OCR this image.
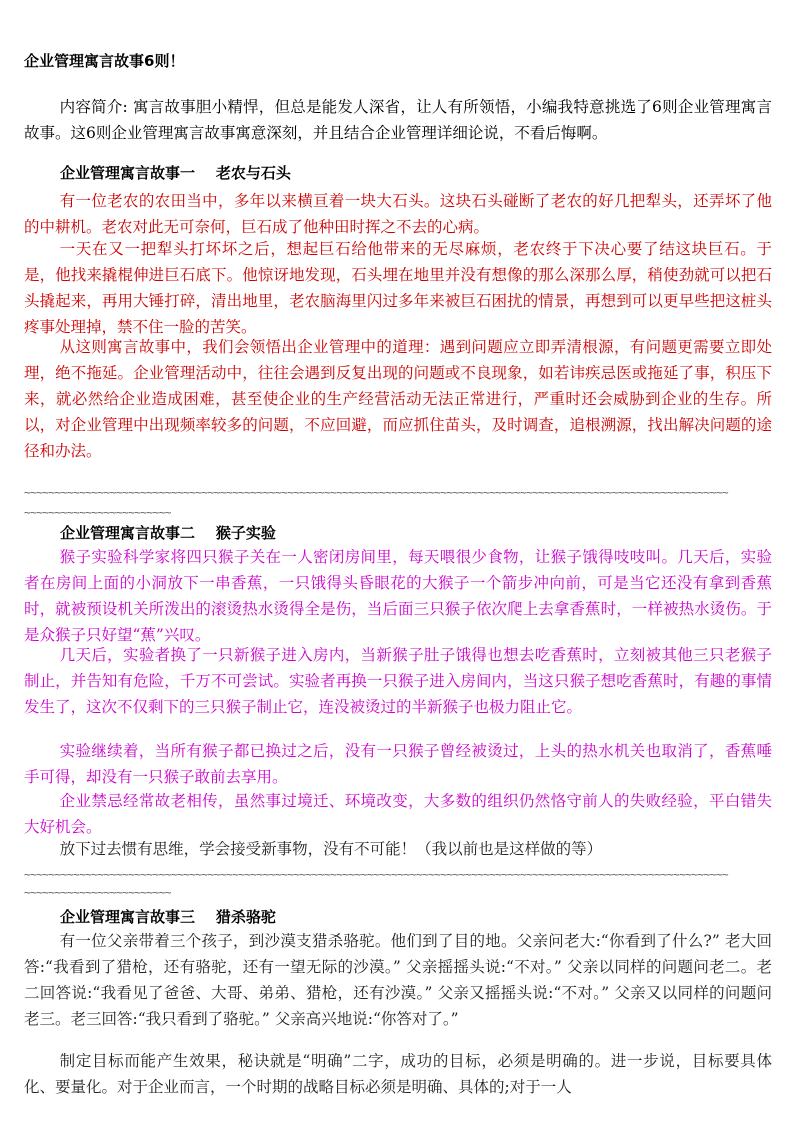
企业管理寓言故事6则！

内容简介: 寓言故事胆小精悍，但总是能发人深省，让人有所领悟，小编我特意挑选了6则企业管理寓言故事。这6则企业管理寓言故事寓意深刻，并且结合企业管理详细论说，不看后悔啊。

企业管理寓言故事一    老农与石头

有一位老农的农田当中，多年以来横亘着一块大石头。这块石头碰断了老农的好几把犁头，还弄坏了他的中耕机。老农对此无可奈何，巨石成了他种田时挥之不去的心病。

一天在又一把犁头打坏坏之后，想起巨石给他带来的无尽麻烦，老农终于下决心要了结这块巨石。于是，他找来撬棍伸进巨石底下。他惊讶地发现，石头埋在地里并没有想像的那么深那么厚，稍使劲就可以把石头撬起来，再用大锤打碎，清出地里，老农脑海里闪过多年来被巨石困扰的情景，再想到可以更早些把这桩头疼事处理掉，禁不住一脸的苦笑。

从这则寓言故事中，我们会领悟出企业管理中的道理：遇到问题应立即弄清根源，有问题更需要立即处理，绝不拖延。企业管理活动中，往往会遇到反复出现的问题或不良现象，如若讳疾忌医或拖延了事，积压下来，就必然给企业造成困难，甚至使企业的生产经营活动无法正常进行，严重时还会威胁到企业的生存。所以，对企业管理中出现频率较多的问题，不应回避，而应抓住苗头，及时调查，追根溯源，找出解决问题的途径和办法。

~~~~~~~~~~~~~~~~~~~~~~~~~~~~~~~~~~~~~~~~~~~~~~~~~~~~~~~~~~~~~~~~~~~~~~~~~~~~~~~~~~~~~~~~~~~~~~~~~~~~~~~~~~~~~~~~~~~
~~~~~~~~~~~~~~~~~~~~~~~~
企业管理寓言故事二    猴子实验

猴子实验科学家将四只猴子关在一人密闭房间里，每天喂很少食物，让猴子饿得吱吱叫。几天后，实验者在房间上面的小洞放下一串香蕉，一只饿得头昏眼花的大猴子一个箭步冲向前，可是当它还没有拿到香蕉时，就被预设机关所泼出的滚烫热水烫得全是伤，当后面三只猴子依次爬上去拿香蕉时，一样被热水烫伤。于是众猴子只好望“蕉”兴叹。

几天后，实验者换了一只新猴子进入房内，当新猴子肚子饿得也想去吃香蕉时，立刻被其他三只老猴子制止，并告知有危险，千万不可尝试。实验者再换一只猴子进入房间内，当这只猴子想吃香蕉时，有趣的事情发生了，这次不仅剩下的三只猴子制止它，连没被烫过的半新猴子也极力阻止它。

实验继续着，当所有猴子都已换过之后，没有一只猴子曾经被烫过，上头的热水机关也取消了，香蕉唾手可得，却没有一只猴子敢前去享用。

企业禁忌经常故老相传，虽然事过境迁、环境改变，大多数的组织仍然恪守前人的失败经验，平白错失大好机会。

放下过去惯有思维，学会接受新事物，没有不可能！（我以前也是这样做的等）

~~~~~~~~~~~~~~~~~~~~~~~~~~~~~~~~~~~~~~~~~~~~~~~~~~~~~~~~~~~~~~~~~~~~~~~~~~~~~~~~~~~~~~~~~~~~~~~~~~~~~~~~~~~~~~~~~~~
~~~~~~~~~~~~~~~~~~~~~~~~
企业管理寓言故事三    猎杀骆驼

有一位父亲带着三个孩子，到沙漠支猎杀骆驼。他们到了目的地。父亲问老大:“你看到了什么?” 老大回答:“我看到了猎枪，还有骆驼，还有一望无际的沙漠。” 父亲摇摇头说:“不对。” 父亲以同样的问题问老二。老二回答说:“我看见了爸爸、大哥、弟弟、猎枪，还有沙漠。” 父亲又摇摇头说:“不对。” 父亲又以同样的问题问老三。老三回答:“我只看到了骆驼。” 父亲高兴地说:“你答对了。”

制定目标而能产生效果，秘诀就是“明确”二字，成功的目标，必须是明确的。进一步说，目标要具体化、要量化。对于企业而言，一个时期的战略目标必须是明确、具体的;对于一人
